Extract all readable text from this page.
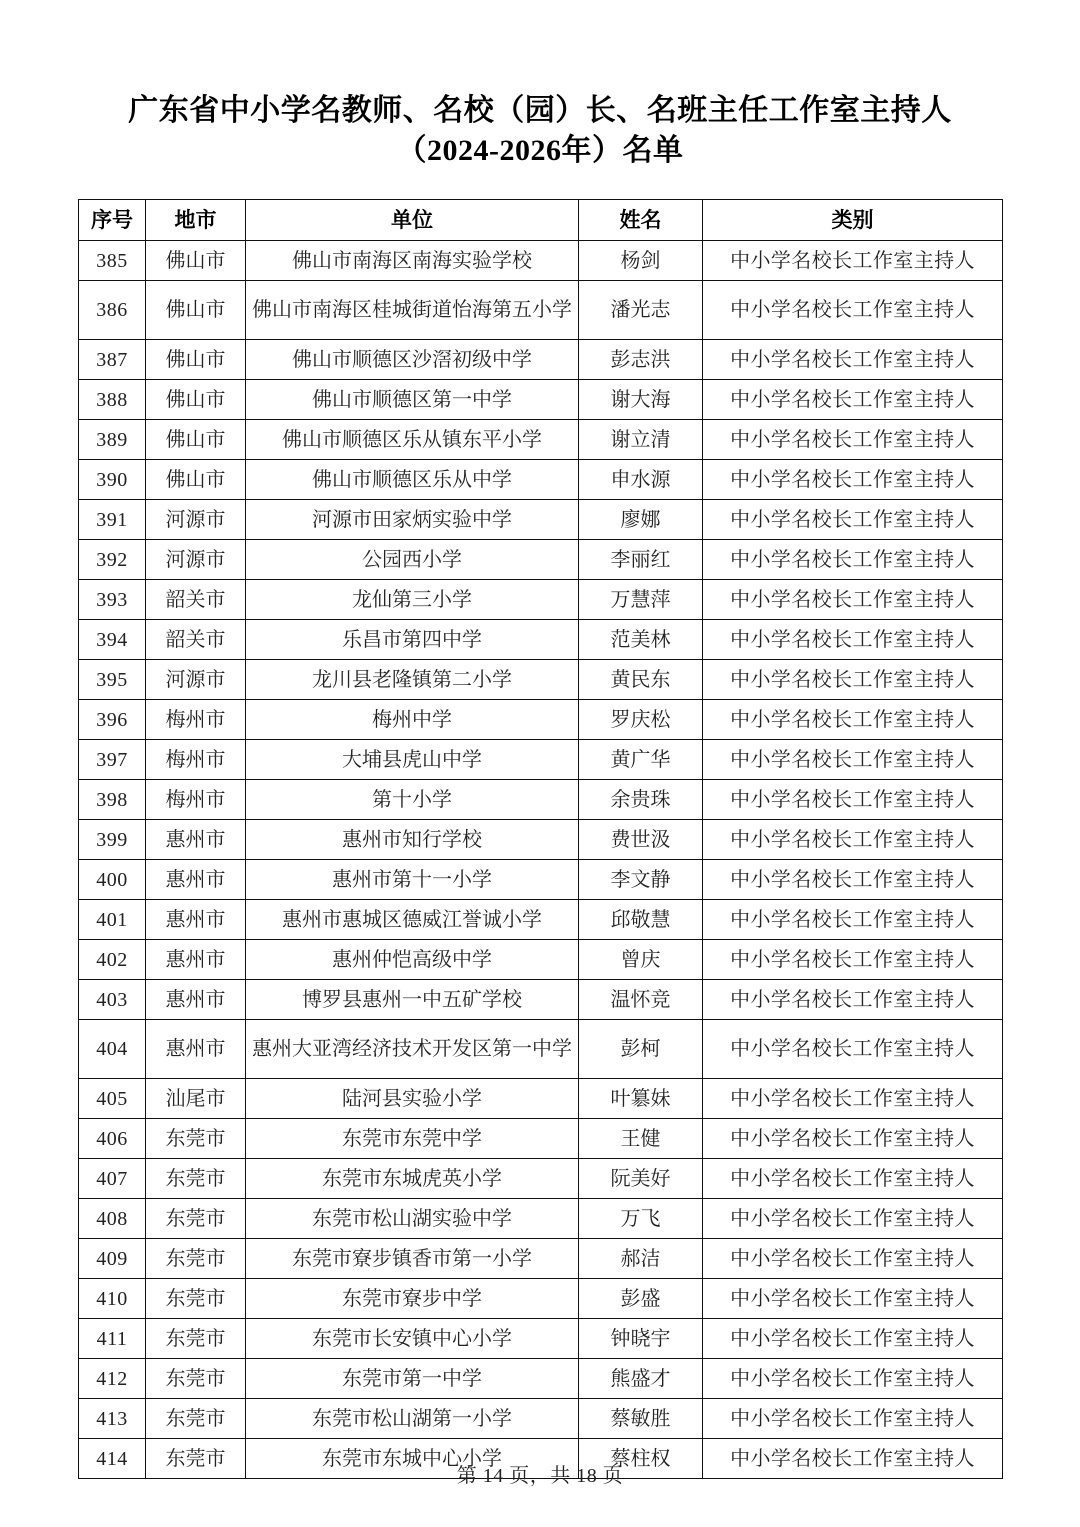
广东省中小学名教师、名校（园）长、名班主任工作室主持人
（2024-2026年）名单
序号	地市	单位	姓名	类别
385	佛山市	佛山市南海区南海实验学校	杨剑	中小学名校长工作室主持人
386	佛山市	佛山市南海区桂城街道怡海第五小学	潘光志	中小学名校长工作室主持人
387	佛山市	佛山市顺德区沙滘初级中学	彭志洪	中小学名校长工作室主持人
388	佛山市	佛山市顺德区第一中学	谢大海	中小学名校长工作室主持人
389	佛山市	佛山市顺德区乐从镇东平小学	谢立清	中小学名校长工作室主持人
390	佛山市	佛山市顺德区乐从中学	申水源	中小学名校长工作室主持人
391	河源市	河源市田家炳实验中学	廖娜	中小学名校长工作室主持人
392	河源市	公园西小学	李丽红	中小学名校长工作室主持人
393	韶关市	龙仙第三小学	万慧萍	中小学名校长工作室主持人
394	韶关市	乐昌市第四中学	范美林	中小学名校长工作室主持人
395	河源市	龙川县老隆镇第二小学	黄民东	中小学名校长工作室主持人
396	梅州市	梅州中学	罗庆松	中小学名校长工作室主持人
397	梅州市	大埔县虎山中学	黄广华	中小学名校长工作室主持人
398	梅州市	第十小学	余贵珠	中小学名校长工作室主持人
399	惠州市	惠州市知行学校	费世汲	中小学名校长工作室主持人
400	惠州市	惠州市第十一小学	李文静	中小学名校长工作室主持人
401	惠州市	惠州市惠城区德威江誉诚小学	邱敬慧	中小学名校长工作室主持人
402	惠州市	惠州仲恺高级中学	曾庆	中小学名校长工作室主持人
403	惠州市	博罗县惠州一中五矿学校	温怀竞	中小学名校长工作室主持人
404	惠州市	惠州大亚湾经济技术开发区第一中学	彭柯	中小学名校长工作室主持人
405	汕尾市	陆河县实验小学	叶簒妹	中小学名校长工作室主持人
406	东莞市	东莞市东莞中学	王健	中小学名校长工作室主持人
407	东莞市	东莞市东城虎英小学	阮美好	中小学名校长工作室主持人
408	东莞市	东莞市松山湖实验中学	万飞	中小学名校长工作室主持人
409	东莞市	东莞市寮步镇香市第一小学	郝洁	中小学名校长工作室主持人
410	东莞市	东莞市寮步中学	彭盛	中小学名校长工作室主持人
411	东莞市	东莞市长安镇中心小学	钟晓宇	中小学名校长工作室主持人
412	东莞市	东莞市第一中学	熊盛才	中小学名校长工作室主持人
413	东莞市	东莞市松山湖第一小学	蔡敏胜	中小学名校长工作室主持人
414	东莞市	东莞市东城中心小学	蔡柱权	中小学名校长工作室主持人
第 14 页，共 18 页
